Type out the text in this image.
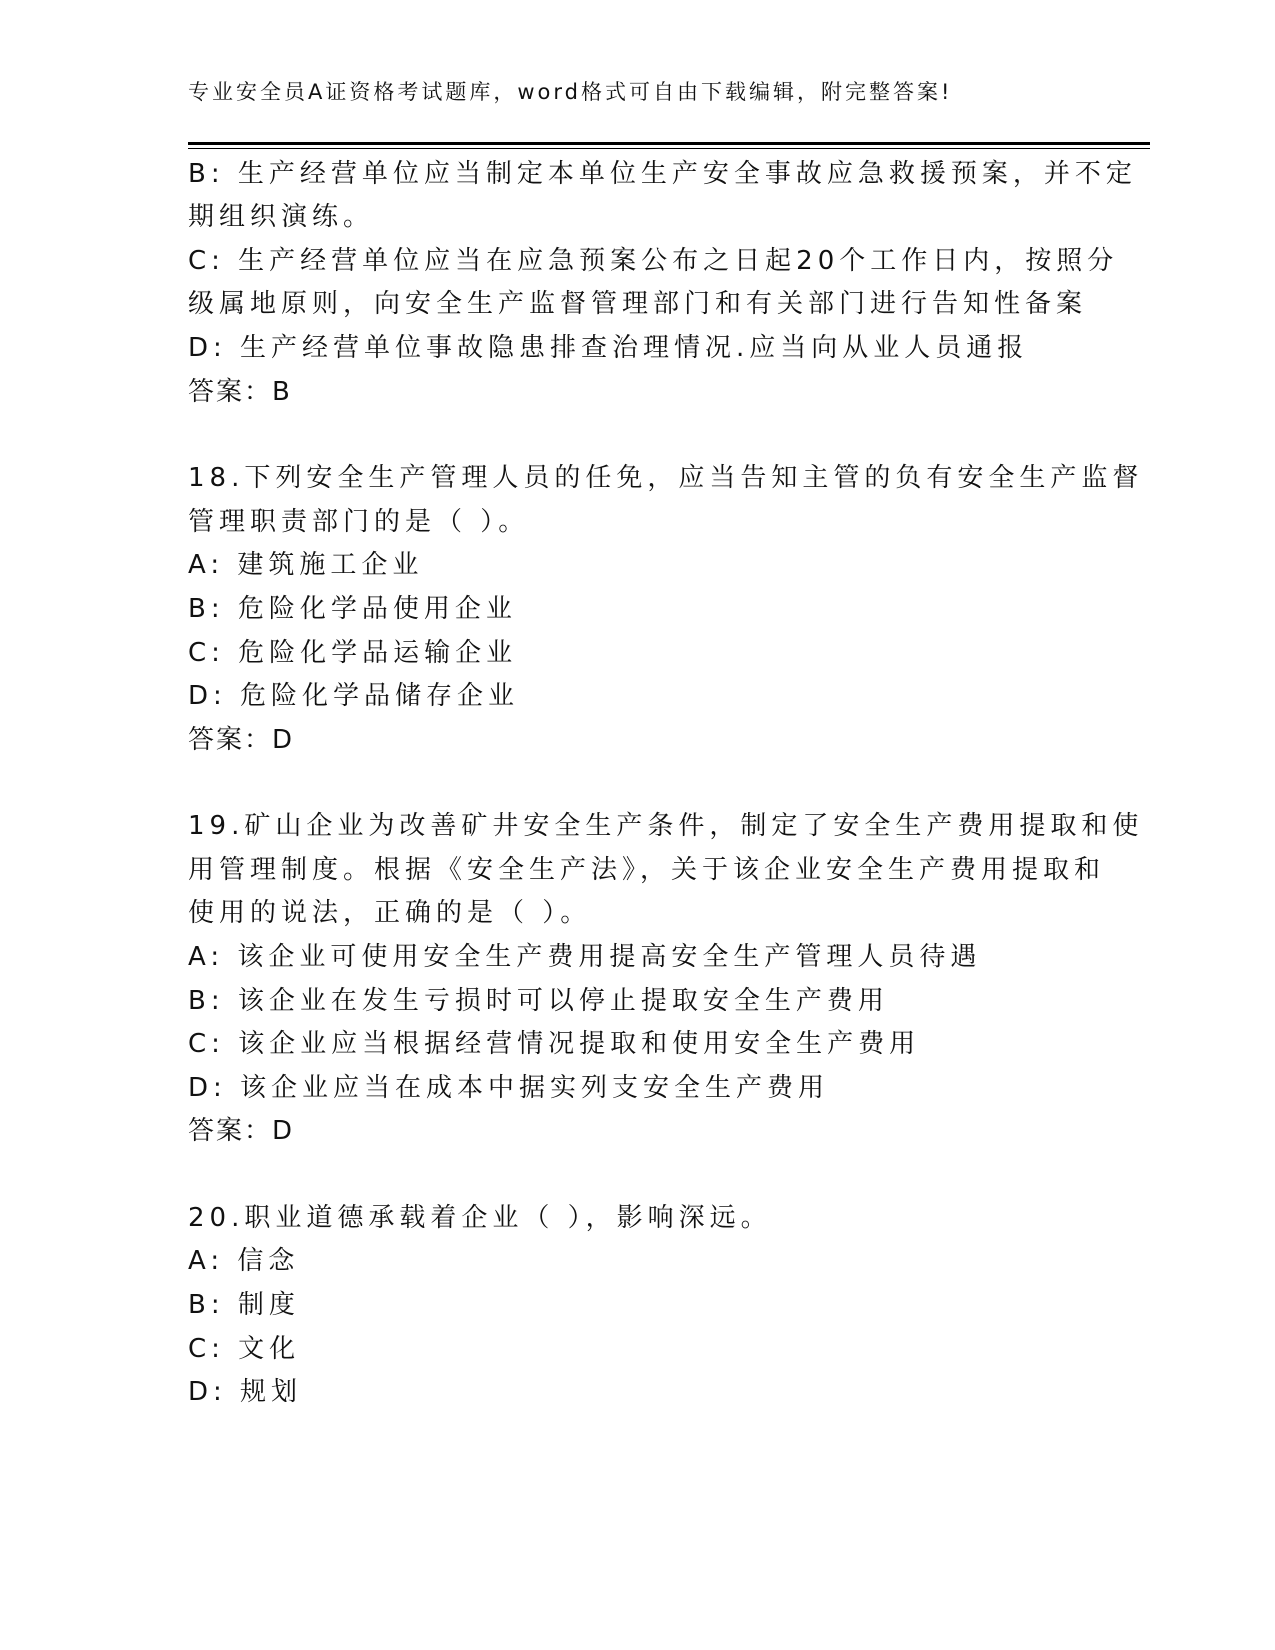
专业安全员A证资格考试题库，word格式可自由下载编辑，附完整答案!
B: 生产经营单位应当制定本单位生产安全事故应急救援预案，并不定
期组织演练。
C: 生产经营单位应当在应急预案公布之日起20个工作日内，按照分
级属地原则，向安全生产监督管理部门和有关部门进行告知性备案
D: 生产经营单位事故隐患排查治理情况.应当向从业人员通报
答案：B
18.下列安全生产管理人员的任免，应当告知主管的负有安全生产监督
管理职责部门的是（ ）。
A: 建筑施工企业
B: 危险化学品使用企业
C: 危险化学品运输企业
D: 危险化学品储存企业
答案：D
19.矿山企业为改善矿井安全生产条件，制定了安全生产费用提取和使
用管理制度。根据《安全生产法》，关于该企业安全生产费用提取和
使用的说法，正确的是（ ）。
A: 该企业可使用安全生产费用提高安全生产管理人员待遇
B: 该企业在发生亏损时可以停止提取安全生产费用
C: 该企业应当根据经营情况提取和使用安全生产费用
D: 该企业应当在成本中据实列支安全生产费用
答案：D
20.职业道德承载着企业（ ），影响深远。
A: 信念
B: 制度
C: 文化
D: 规划
